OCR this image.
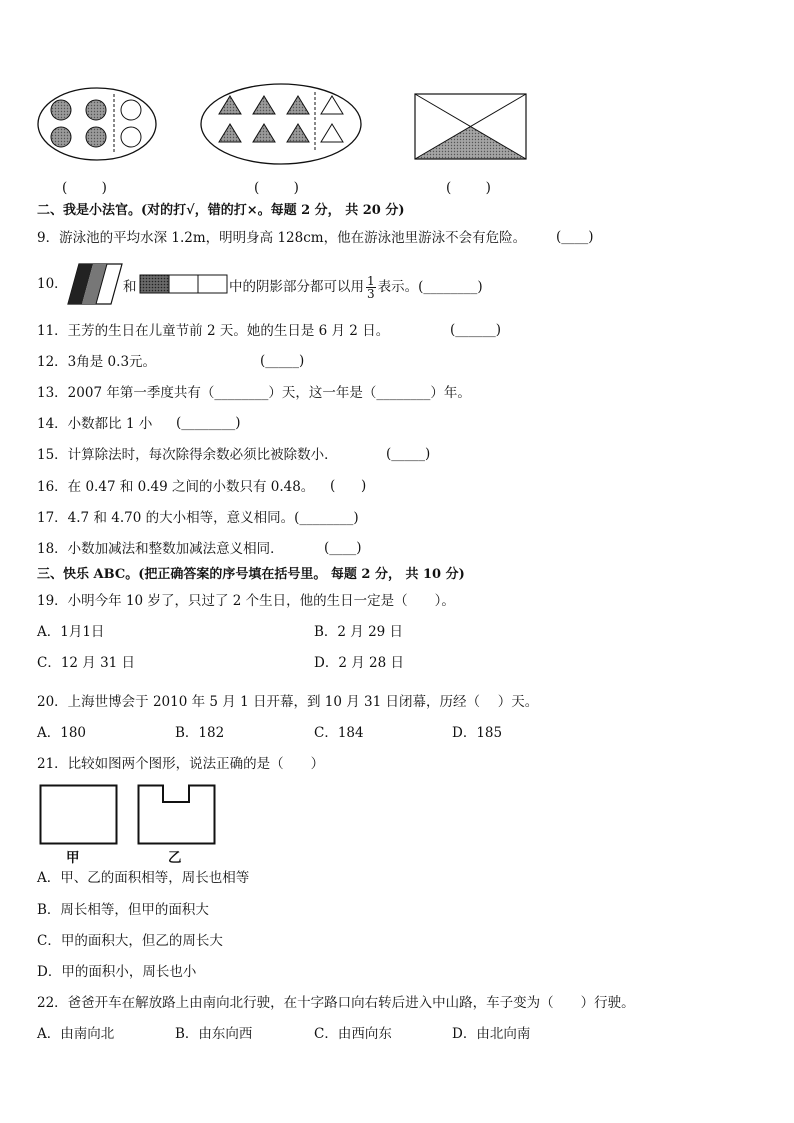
(        )	(        )	(        )
二、我是小法官。(对的打√，错的打×。每题 2 分， 共 20 分)
9．游泳池的平均水深 1.2m，明明身高 128cm，他在游泳池里游泳不会有危险。 (____)
10．	和	中的阴影部分都可以用 $\frac{1}{3}$ 表示。(________)
11．王芳的生日在儿童节前 2 天。她的生日是 6 月 2 日。	(______)
12．3角是 0.3元。	(_____)
13．2007 年第一季度共有（________）天，这一年是（________）年。
14．小数都比 1 小 (________)
15．计算除法时，每次除得余数必须比被除数小．	(_____)
16．在 0.47 和 0.49 之间的小数只有 0.48。 (      )
17．4.7 和 4.70 的大小相等，意义相同。(________)
18．小数加减法和整数加减法意义相同．	(____)
三、快乐 ABC。(把正确答案的序号填在括号里。 每题 2 分， 共 10 分)
19．小明今年 10 岁了，只过了 2 个生日，他的生日一定是（　　）。
A．1月1日	B．2 月 29 日
C．12 月 31 日	D．2 月 28 日
20．上海世博会于 2010 年 5 月 1 日开幕，到 10 月 31 日闭幕，历经（　 ）天。
A．180	B．182	C．184	D．185
21．比较如图两个图形，说法正确的是（　　）
甲	乙
A．甲、乙的面积相等，周长也相等
B．周长相等，但甲的面积大
C．甲的面积大，但乙的周长大
D．甲的面积小，周长也小
22．爸爸开车在解放路上由南向北行驶，在十字路口向右转后进入中山路，车子变为（　　）行驶。
A．由南向北	B．由东向西	C．由西向东	D．由北向南
